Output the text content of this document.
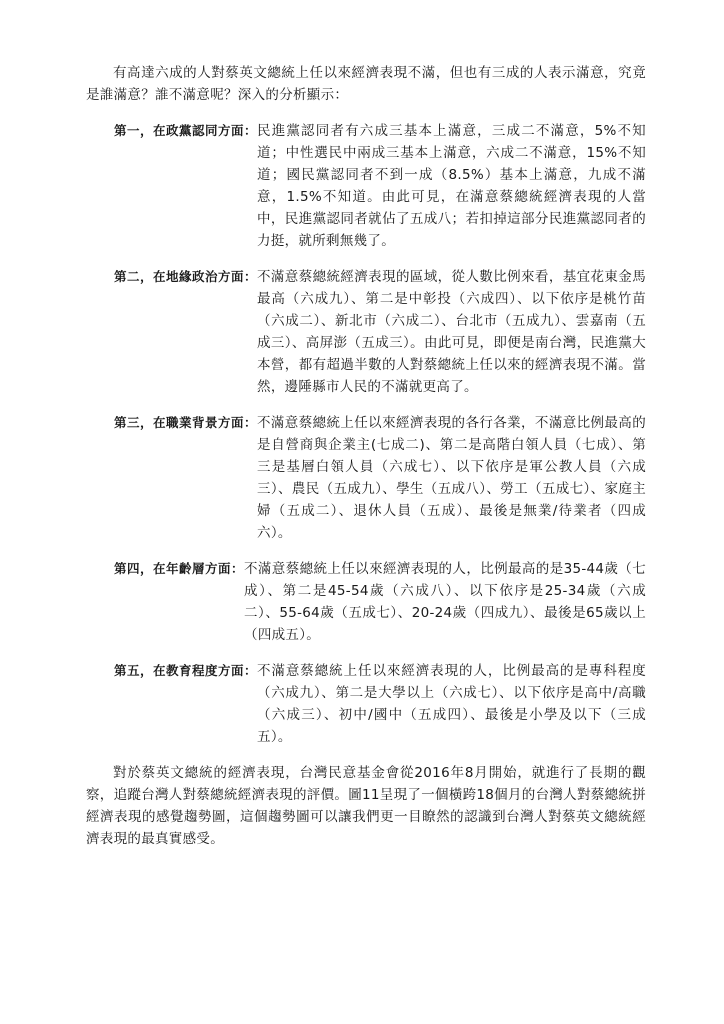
有高達六成的人對蔡英文總統上任以來經濟表現不滿，但也有三成的人表示滿意，究竟是誰滿意？誰不滿意呢？深入的分析顯示：

第一，在政黨認同方面： 民進黨認同者有六成三基本上滿意，三成二不滿意，5%不知道；中性選民中兩成三基本上滿意，六成二不滿意，15%不知道；國民黨認同者不到一成（8.5%）基本上滿意，九成不滿意，1.5%不知道。由此可見，在滿意蔡總統經濟表現的人當中，民進黨認同者就佔了五成八；若扣掉這部分民進黨認同者的力挺，就所剩無幾了。
第二，在地緣政治方面： 不滿意蔡總統經濟表現的區域，從人數比例來看，基宜花東金馬最高（六成九）、第二是中彰投（六成四）、以下依序是桃竹苗（六成二）、新北市（六成二）、台北市（五成九）、雲嘉南（五成三）、高屏澎（五成三）。由此可見，即便是南台灣，民進黨大本營，都有超過半數的人對蔡總統上任以來的經濟表現不滿。當然，邊陲縣市人民的不滿就更高了。
第三，在職業背景方面： 不滿意蔡總統上任以來經濟表現的各行各業，不滿意比例最高的是自營商與企業主(七成二)、第二是高階白領人員（七成）、第三是基層白領人員（六成七）、以下依序是軍公教人員（六成三）、農民（五成九）、學生（五成八）、勞工（五成七）、家庭主婦（五成二）、退休人員（五成）、最後是無業/待業者（四成六）。
第四，在年齡層方面： 不滿意蔡總統上任以來經濟表現的人，比例最高的是35-44歲（七成）、第二是45-54歲（六成八）、以下依序是25-34歲（六成二）、55-64歲（五成七）、20-24歲（四成九）、最後是65歲以上（四成五）。
第五，在教育程度方面： 不滿意蔡總統上任以來經濟表現的人，比例最高的是專科程度（六成九）、第二是大學以上（六成七）、以下依序是高中/高職（六成三）、初中/國中（五成四）、最後是小學及以下（三成五）。

對於蔡英文總統的經濟表現，台灣民意基金會從2016年8月開始，就進行了長期的觀察，追蹤台灣人對蔡總統經濟表現的評價。圖11呈現了一個橫跨18個月的台灣人對蔡總統拼經濟表現的感覺趨勢圖，這個趨勢圖可以讓我們更一目瞭然的認識到台灣人對蔡英文總統經濟表現的最真實感受。
